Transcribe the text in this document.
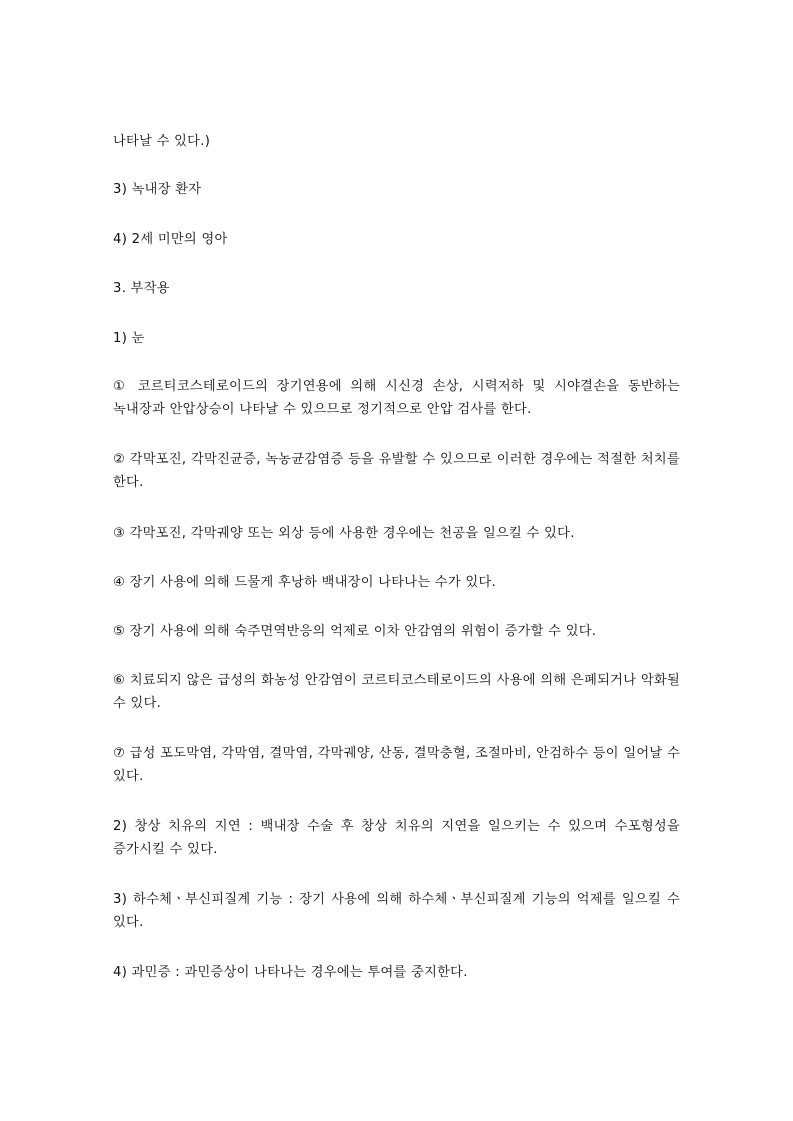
나타날 수 있다.)

3) 녹내장 환자

4) 2세 미만의 영아

3. 부작용

1) 눈

① 코르티코스테로이드의 장기연용에 의해 시신경 손상, 시력저하 및 시야결손을 동반하는 녹내장과 안압상승이 나타날 수 있으므로 정기적으로 안압 검사를 한다.

② 각막포진, 각막진균증, 녹농균감염증 등을 유발할 수 있으므로 이러한 경우에는 적절한 처치를 한다.

③ 각막포진, 각막궤양 또는 외상 등에 사용한 경우에는 천공을 일으킬 수 있다.

④ 장기 사용에 의해 드물게 후낭하 백내장이 나타나는 수가 있다.

⑤ 장기 사용에 의해 숙주면역반응의 억제로 이차 안감염의 위험이 증가할 수 있다.

⑥ 치료되지 않은 급성의 화농성 안감염이 코르티코스테로이드의 사용에 의해 은폐되거나 악화될 수 있다.

⑦ 급성 포도막염, 각막염, 결막염, 각막궤양, 산동, 결막충혈, 조절마비, 안검하수 등이 일어날 수 있다.

2) 창상 치유의 지연 : 백내장 수술 후 창상 치유의 지연을 일으키는 수 있으며 수포형성을 증가시킬 수 있다.

3) 하수체ㆍ부신피질계 기능 : 장기 사용에 의해 하수체ㆍ부신피질계 기능의 억제를 일으킬 수 있다.

4) 과민증 : 과민증상이 나타나는 경우에는 투여를 중지한다.
